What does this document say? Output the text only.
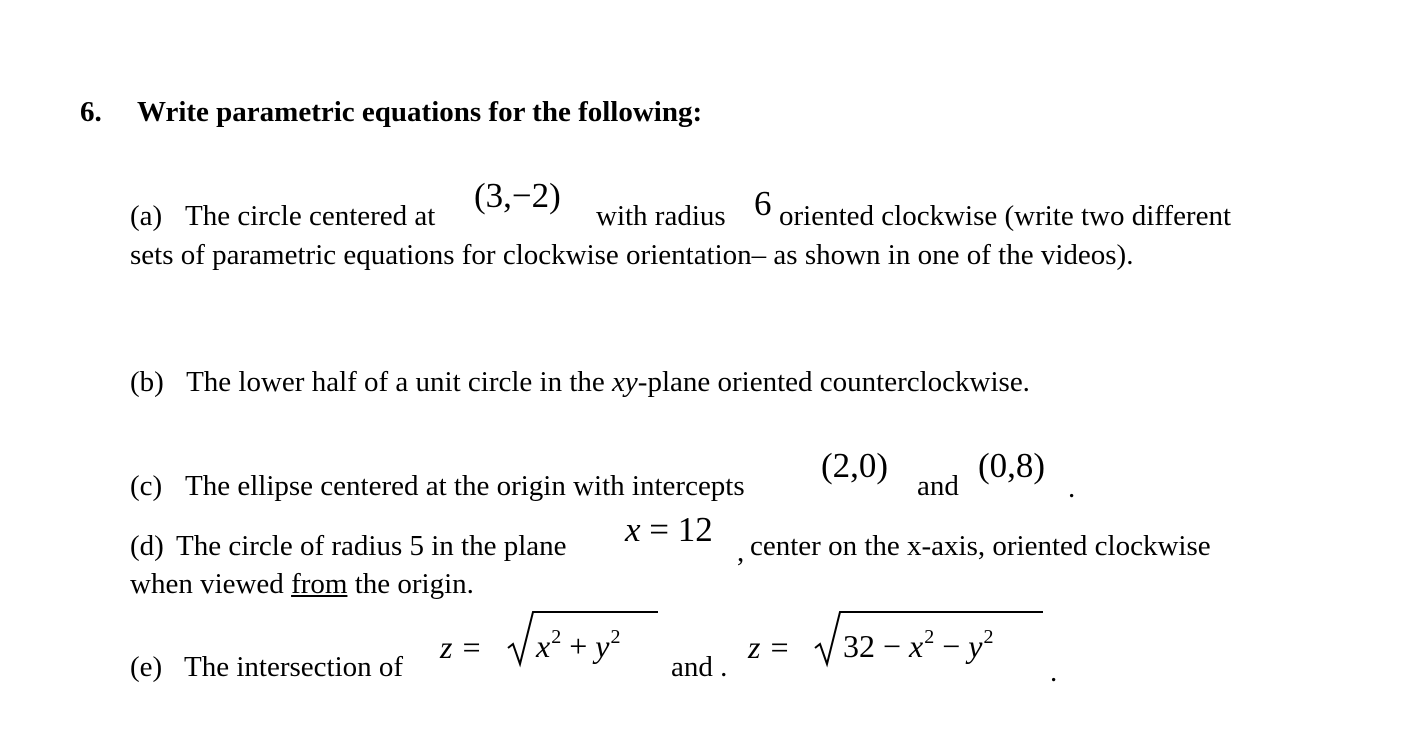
6. Write parametric equations for the following:
(a) The circle centered at
(3,−2)
with radius 6 oriented clockwise (write two different
sets of parametric equations for clockwise orientation– as shown in one of the videos).
(b) The lower half of a unit circle in the xy-plane oriented counterclockwise.
(c) The ellipse centered at the origin with intercepts
(2,0)
and
(0,8)
.
(d) The circle of radius 5 in the plane x = 12
, center on the x-axis, oriented clockwise
when viewed from the origin.
(e) The intersection of
$z = x^2 + y^2$
and .
$z = 32 - x^2 - y^2$
.
